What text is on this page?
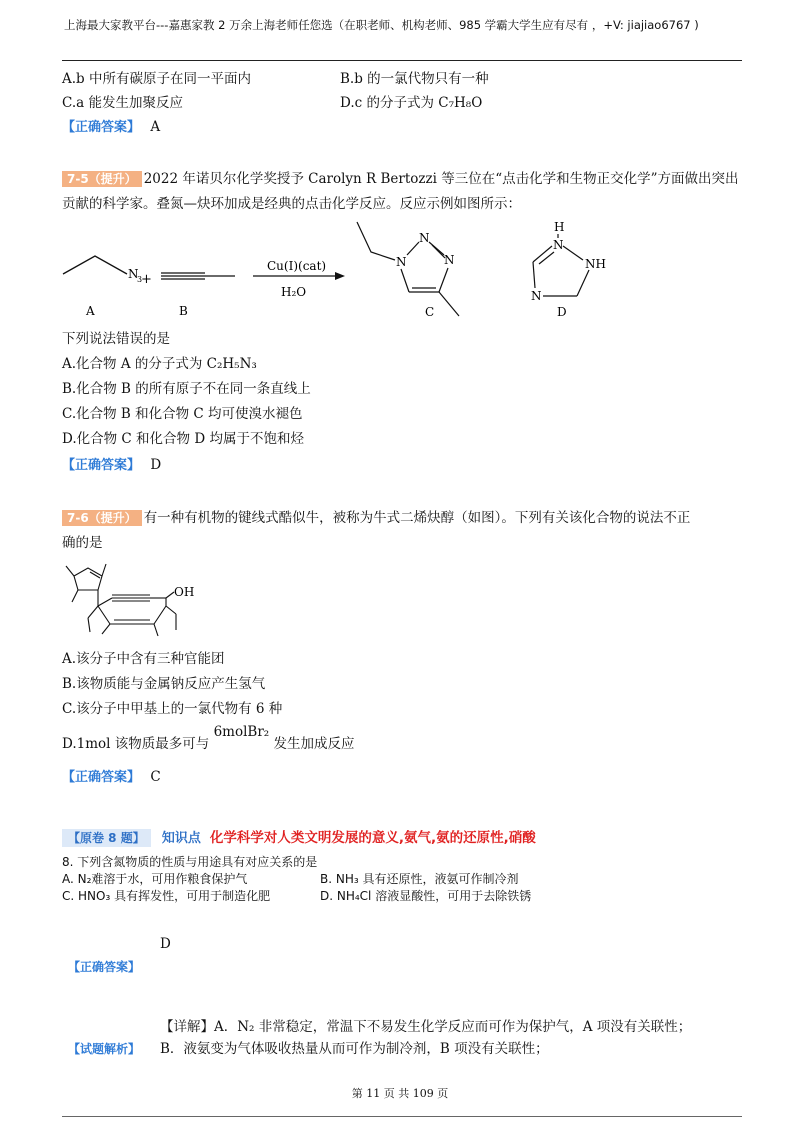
上海最大家教平台---嘉惠家教 2 万余上海老师任您选（在职老师、机构老师、985 学霸大学生应有尽有 ，+V: jiajiao6767 )
A.b 中所有碳原子在同一平面内	B.b 的一氯代物只有一种
C.a 能发生加聚反应	D.c 的分子式为 C₇H₈O
【正确答案】 A
7-5（提升） 2022 年诺贝尔化学奖授予 Carolyn R Bertozzi 等三位在“点击化学和生物正交化学”方面做出突出
贡献的科学家。叠氮—炔环加成是经典的点击化学反应。反应示例如图所示：
N
3
+
Cu(I)(cat)
H₂O
N
N
N
H
N
NH
N
A	B	C	D
下列说法错误的是
A.化合物 A 的分子式为 C₂H₅N₃
B.化合物 B 的所有原子不在同一条直线上
C.化合物 B 和化合物 C 均可使溴水褪色
D.化合物 C 和化合物 D 均属于不饱和烃
【正确答案】 D
7-6（提升） 有一种有机物的键线式酷似牛，被称为牛式二烯炔醇（如图）。下列有关该化合物的说法不正
确的是
OH
A.该分子中含有三种官能团
B.该物质能与金属钠反应产生氢气
C.该分子中甲基上的一氯代物有 6 种
D.1mol 该物质最多可与 6molBr₂ 发生加成反应
【正确答案】 C
【原卷 8 题】 知识点 化学科学对人类文明发展的意义,氨气,氨的还原性,硝酸
8. 下列含氮物质的性质与用途具有对应关系的是
A. N₂难溶于水，可用作粮食保护气	B. NH₃ 具有还原性，液氨可作制冷剂
C. HNO₃ 具有挥发性，可用于制造化肥	D. NH₄Cl 溶液显酸性，可用于去除铁锈
D
【正确答案】
【详解】A．N₂ 非常稳定，常温下不易发生化学反应而可作为保护气，A 项没有关联性；
【试题解析】 B．液氨变为气体吸收热量从而可作为制冷剂，B 项没有关联性；
第 11 页 共 109 页
